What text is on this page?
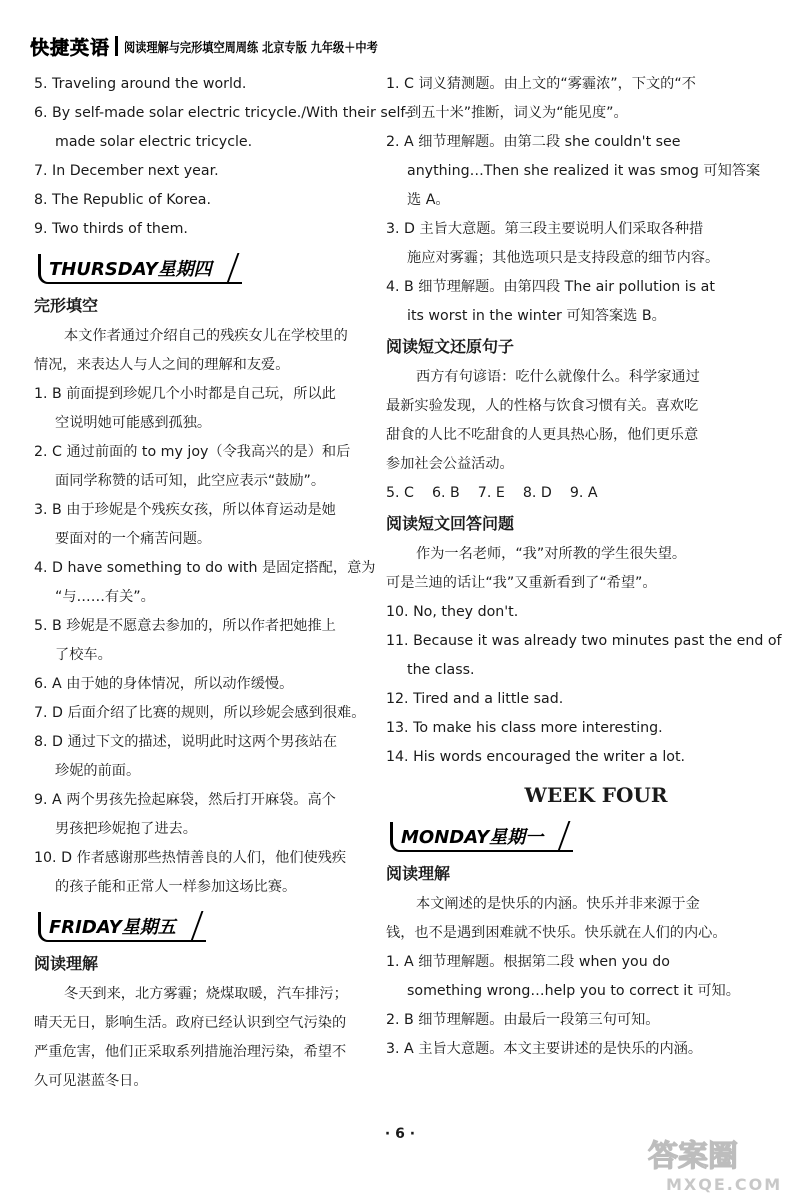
快捷英语 阅读理解与完形填空周周练 北京专版 九年级＋中考
5. Traveling around the world.
6. By self-made solar electric tricycle./With their self-
made solar electric tricycle.
7. In December next year.
8. The Republic of Korea.
9. Two thirds of them.
THURSDAY星期四
完形填空
本文作者通过介绍自己的残疾女儿在学校里的
情况，来表达人与人之间的理解和友爱。
1. B 前面提到珍妮几个小时都是自己玩，所以此
空说明她可能感到孤独。
2. C 通过前面的 to my joy（令我高兴的是）和后
面同学称赞的话可知，此空应表示“鼓励”。
3. B 由于珍妮是个残疾女孩，所以体育运动是她
要面对的一个痛苦问题。
4. D have something to do with 是固定搭配，意为
“与……有关”。
5. B 珍妮是不愿意去参加的，所以作者把她推上
了校车。
6. A 由于她的身体情况，所以动作缓慢。
7. D 后面介绍了比赛的规则，所以珍妮会感到很难。
8. D 通过下文的描述，说明此时这两个男孩站在
珍妮的前面。
9. A 两个男孩先捡起麻袋，然后打开麻袋。高个
男孩把珍妮抱了进去。
10. D 作者感谢那些热情善良的人们，他们使残疾
的孩子能和正常人一样参加这场比赛。
FRIDAY星期五
阅读理解
冬天到来，北方雾霾；烧煤取暖，汽车排污；
晴天无日，影响生活。政府已经认识到空气污染的
严重危害，他们正采取系列措施治理污染，希望不
久可见湛蓝冬日。
1. C 词义猜测题。由上文的“雾霾浓”，下文的“不
到五十米”推断，词义为“能见度”。
2. A 细节理解题。由第二段 she couldn't see
anything…Then she realized it was smog 可知答案
选 A。
3. D 主旨大意题。第三段主要说明人们采取各种措
施应对雾霾；其他选项只是支持段意的细节内容。
4. B 细节理解题。由第四段 The air pollution is at
its worst in the winter 可知答案选 B。
阅读短文还原句子
西方有句谚语：吃什么就像什么。科学家通过
最新实验发现，人的性格与饮食习惯有关。喜欢吃
甜食的人比不吃甜食的人更具热心肠，他们更乐意
参加社会公益活动。
5. C    6. B    7. E    8. D    9. A
阅读短文回答问题
作为一名老师，“我”对所教的学生很失望。
可是兰迪的话让“我”又重新看到了“希望”。
10. No, they don't.
11. Because it was already two minutes past the end of
the class.
12. Tired and a little sad.
13. To make his class more interesting.
14. His words encouraged the writer a lot.
WEEK FOUR
MONDAY星期一
阅读理解
本文阐述的是快乐的内涵。快乐并非来源于金
钱，也不是遇到困难就不快乐。快乐就在人们的内心。
1. A 细节理解题。根据第二段 when you do
something wrong…help you to correct it 可知。
2. B 细节理解题。由最后一段第三句可知。
3. A 主旨大意题。本文主要讲述的是快乐的内涵。
· 6 ·
答案圈
MXQE.COM
